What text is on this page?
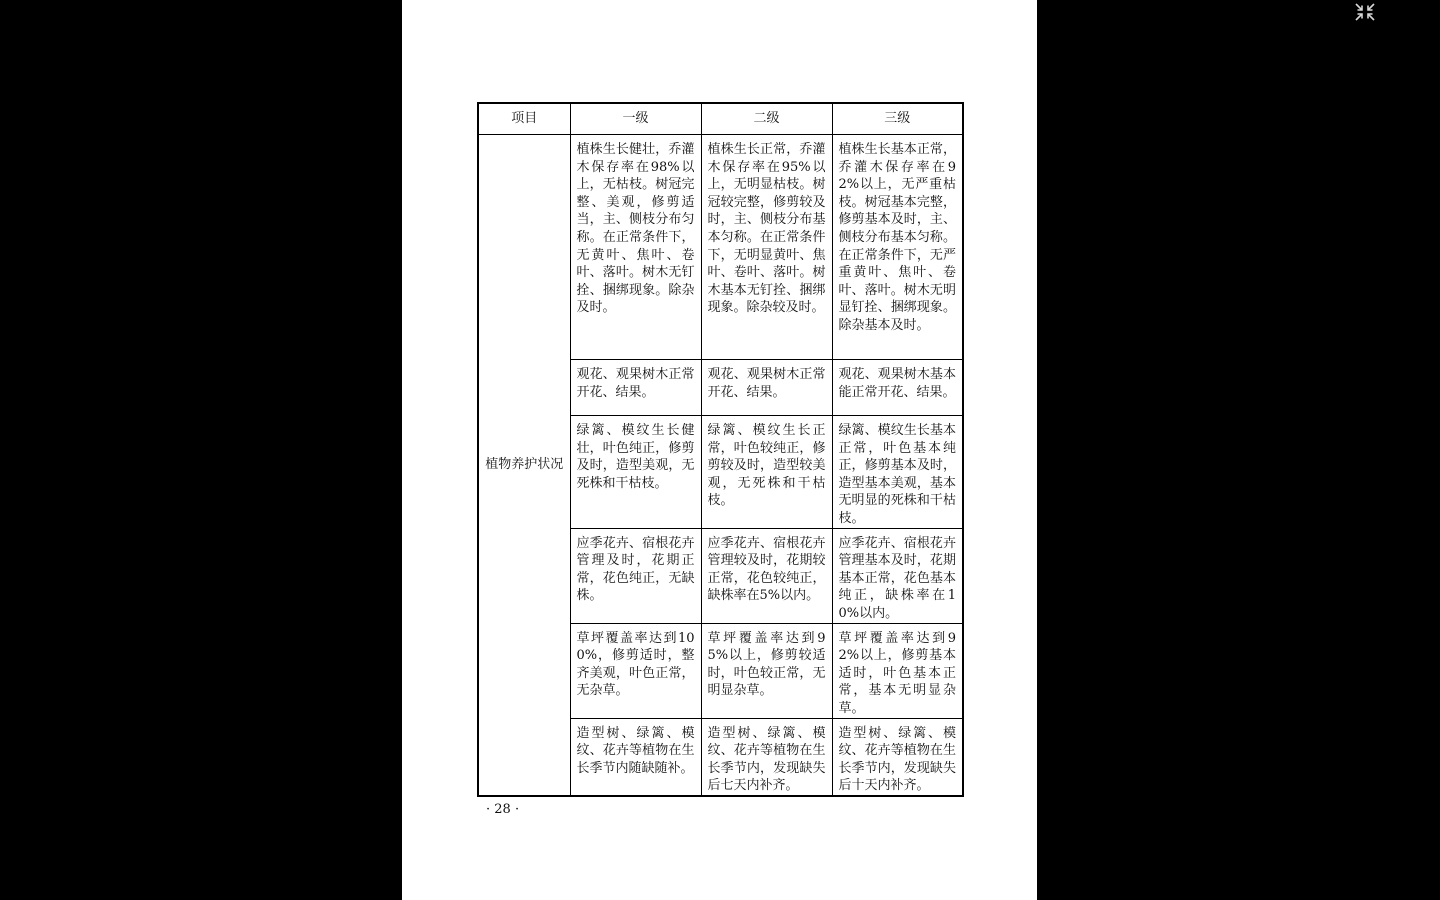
项目	一级	二级	三级
植物养护状况	植株生长健壮，乔灌木保存率在98%以上，无枯枝。树冠完整、美观，修剪适当，主、侧枝分布匀称。在正常条件下，无黄叶、焦叶、卷叶、落叶。树木无钉拴、捆绑现象。除杂及时。	植株生长正常，乔灌木保存率在95%以上，无明显枯枝。树冠较完整，修剪较及时，主、侧枝分布基本匀称。在正常条件下，无明显黄叶、焦叶、卷叶、落叶。树木基本无钉拴、捆绑现象。除杂较及时。	植株生长基本正常，乔灌木保存率在92%以上，无严重枯枝。树冠基本完整，修剪基本及时，主、侧枝分布基本匀称。在正常条件下，无严重黄叶、焦叶、卷叶、落叶。树木无明显钉拴、捆绑现象。除杂基本及时。
	观花、观果树木正常开花、结果。	观花、观果树木正常开花、结果。	观花、观果树木基本能正常开花、结果。
	绿篱、模纹生长健壮，叶色纯正，修剪及时，造型美观，无死株和干枯枝。	绿篱、模纹生长正常，叶色较纯正，修剪较及时，造型较美观，无死株和干枯枝。	绿篱、模纹生长基本正常，叶色基本纯正，修剪基本及时，造型基本美观，基本无明显的死株和干枯枝。
	应季花卉、宿根花卉管理及时，花期正常，花色纯正，无缺株。	应季花卉、宿根花卉管理较及时，花期较正常，花色较纯正，缺株率在5%以内。	应季花卉、宿根花卉管理基本及时，花期基本正常，花色基本纯正，缺株率在10%以内。
	草坪覆盖率达到100%，修剪适时，整齐美观，叶色正常，无杂草。	草坪覆盖率达到95%以上，修剪较适时，叶色较正常，无明显杂草。	草坪覆盖率达到92%以上，修剪基本适时，叶色基本正常，基本无明显杂草。
	造型树、绿篱、模纹、花卉等植物在生长季节内随缺随补。	造型树、绿篱、模纹、花卉等植物在生长季节内，发现缺失后七天内补齐。	造型树、绿篱、模纹、花卉等植物在生长季节内，发现缺失后十天内补齐。
· 28 ·
